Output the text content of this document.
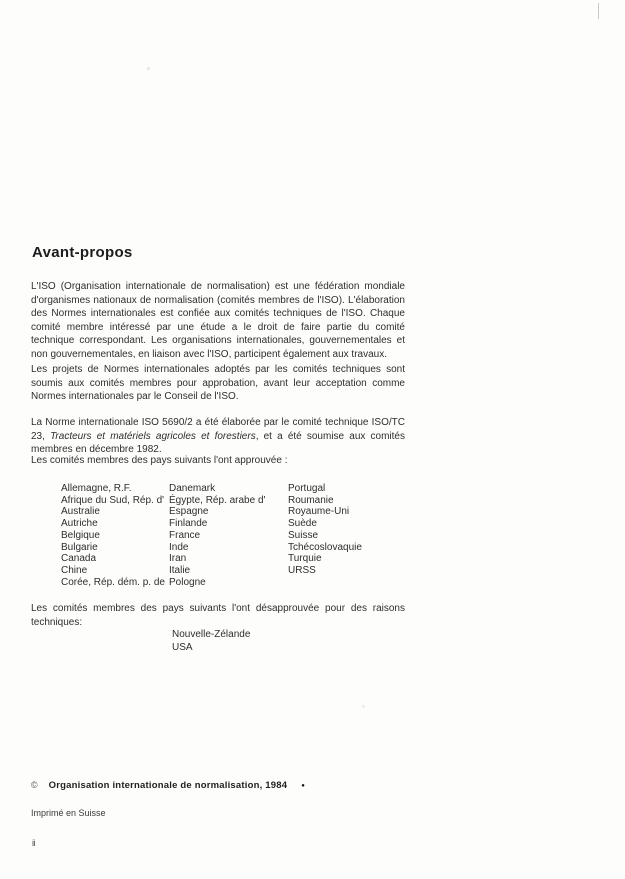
Avant-propos

L'ISO (Organisation internationale de normalisation) est une fédération mondiale d'organismes nationaux de normalisation (comités membres de l'ISO). L'élaboration des Normes internationales est confiée aux comités techniques de l'ISO. Chaque comité membre intéressé par une étude a le droit de faire partie du comité technique correspondant. Les organisations internationales, gouvernementales et non gouvernementales, en liaison avec l'ISO, participent également aux travaux.

Les projets de Normes internationales adoptés par les comités techniques sont soumis aux comités membres pour approbation, avant leur acceptation comme Normes internationales par le Conseil de l'ISO.

La Norme internationale ISO 5690/2 a été élaborée par le comité technique ISO/TC 23, Tracteurs et matériels agricoles et forestiers, et a été soumise aux comités membres en décembre 1982.

Les comités membres des pays suivants l'ont approuvée :
Allemagne, R.F.
Afrique du Sud, Rép. d'
Australie
Autriche
Belgique
Bulgarie
Canada
Chine
Corée, Rép. dém. p. de
Danemark
Égypte, Rép. arabe d'
Espagne
Finlande
France
Inde
Iran
Italie
Pologne
Portugal
Roumanie
Royaume-Uni
Suède
Suisse
Tchécoslovaquie
Turquie
URSS

Les comités membres des pays suivants l'ont désapprouvée pour des raisons techniques:

Nouvelle-Zélande
USA
© Organisation internationale de normalisation, 1984 ●
Imprimé en Suisse
ii
